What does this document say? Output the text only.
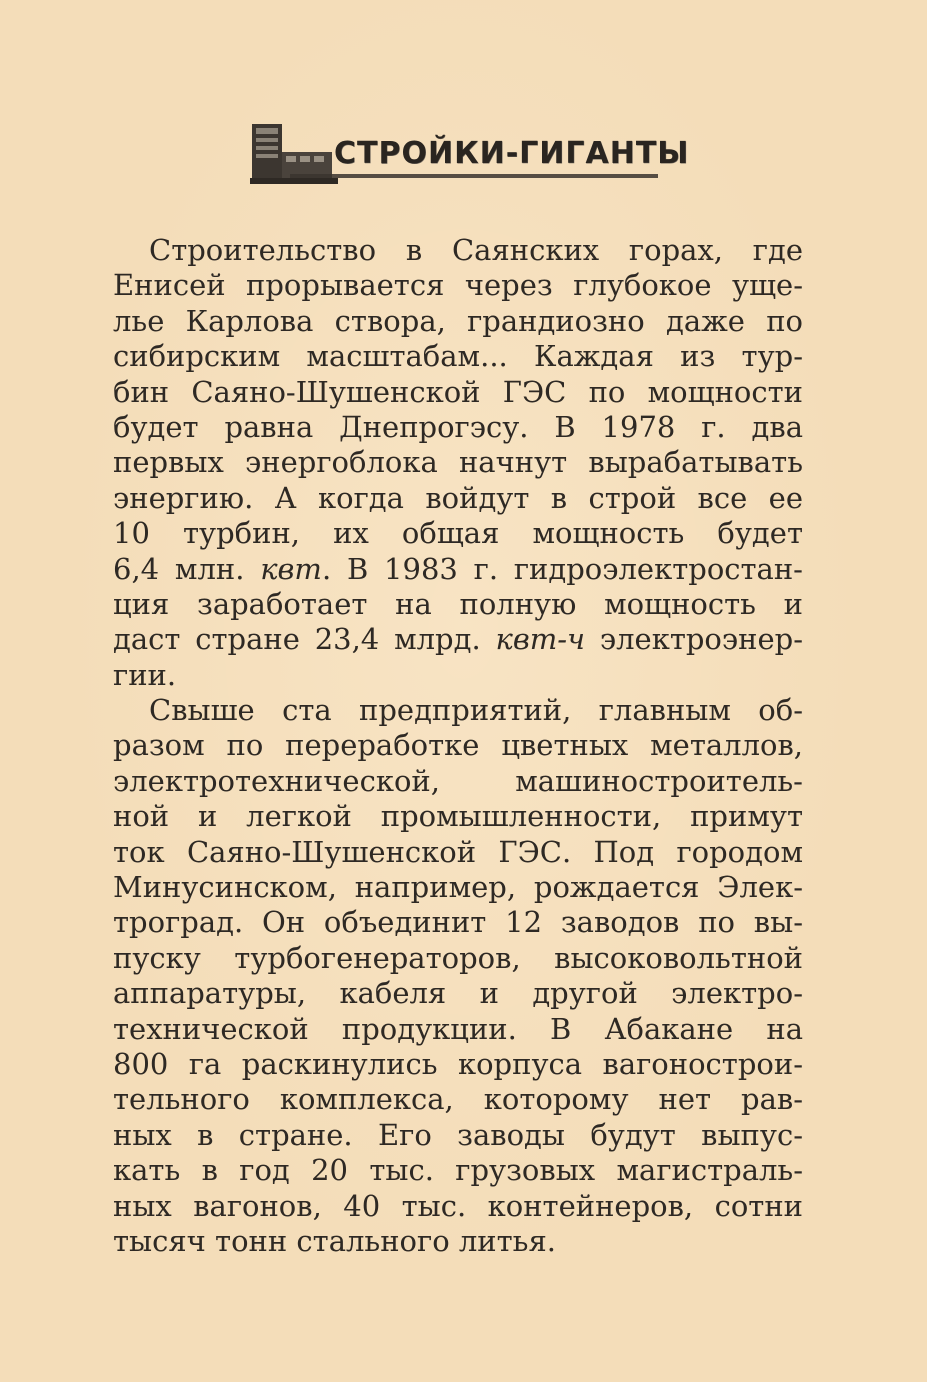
СТРОЙКИ-ГИГАНТЫ
Строительство в Саянских горах, где
Енисей прорывается через глубокое уще-
лье Карлова створа, грандиозно даже по
сибирским масштабам... Каждая из тур-
бин Саяно-Шушенской ГЭС по мощности
будет равна Днепрогэсу. В 1978 г. два
первых энергоблока начнут вырабатывать
энергию. А когда войдут в строй все ее
10 турбин, их общая мощность будет
6,4 млн. квт. В 1983 г. гидроэлектростан-
ция заработает на полную мощность и
даст стране 23,4 млрд. квт-ч электроэнер-
гии.
Свыше ста предприятий, главным об-
разом по переработке цветных металлов,
электротехнической, машиностроитель-
ной и легкой промышленности, примут
ток Саяно-Шушенской ГЭС. Под городом
Минусинском, например, рождается Элек-
троград. Он объединит 12 заводов по вы-
пуску турбогенераторов, высоковольтной
аппаратуры, кабеля и другой электро-
технической продукции. В Абакане на
800 га раскинулись корпуса вагонострои-
тельного комплекса, которому нет рав-
ных в стране. Его заводы будут выпус-
кать в год 20 тыс. грузовых магистраль-
ных вагонов, 40 тыс. контейнеров, сотни
тысяч тонн стального литья.
